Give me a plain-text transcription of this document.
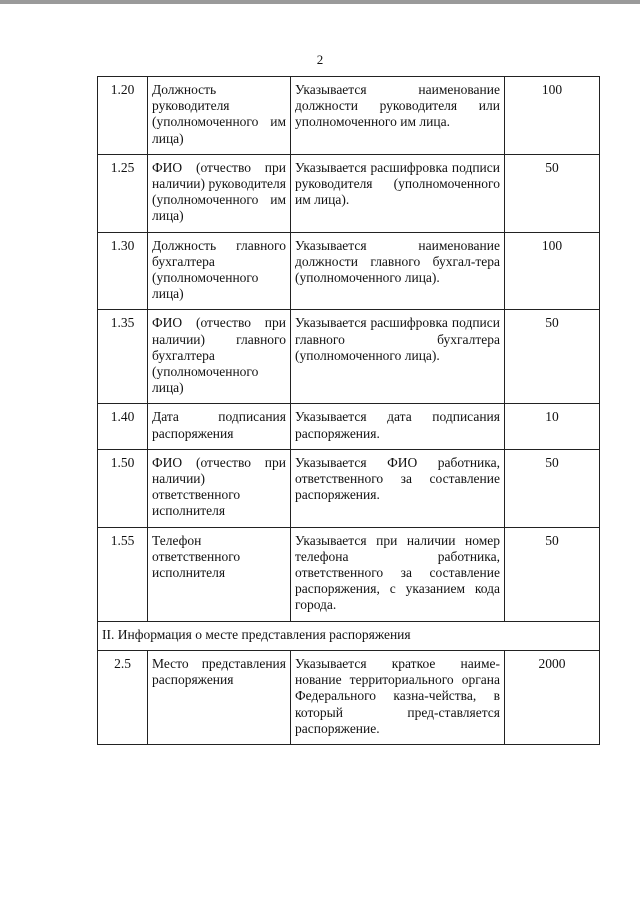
2
1.20	Должность руководителя (уполномоченного им лица)	Указывается наименование должности руководителя или уполномоченного им лица.	100
1.25	ФИО (отчество при наличии) руководителя (уполномоченного им лица)	Указывается расшифровка подписи руководителя (уполномоченного им лица).	50
1.30	Должность главного бухгалтера (уполномоченного лица)	Указывается наименование должности главного бухгал-тера (уполномоченного лица).	100
1.35	ФИО (отчество при наличии) главного бухгалтера (уполномоченного лица)	Указывается расшифровка подписи главного бухгалтера (уполномоченного лица).	50
1.40	Дата подписания распоряжения	Указывается дата подписания распоряжения.	10
1.50	ФИО (отчество при наличии) ответственного исполнителя	Указывается ФИО работника, ответственного за составление распоряжения.	50
1.55	Телефон ответственного исполнителя	Указывается при наличии номер телефона работника, ответственного за составление распоряжения, с указанием кода города.	50
II. Информация о месте представления распоряжения			
2.5	Место представления распоряжения	Указывается краткое наиме-нование территориального органа Федерального казна-чейства, в который пред-ставляется распоряжение.	2000
